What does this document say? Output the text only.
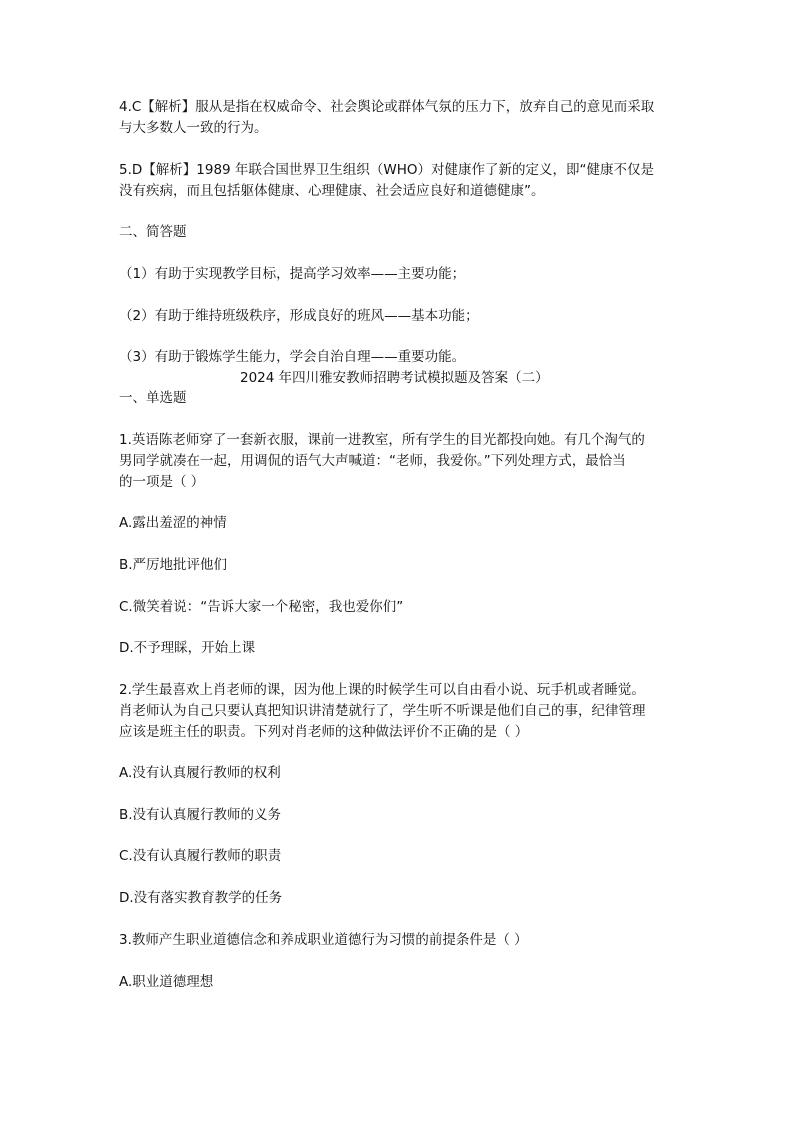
4.C【解析】服从是指在权威命令、社会舆论或群体气氛的压力下，放弃自己的意见而采取
与大多数人一致的行为。

5.D【解析】1989 年联合国世界卫生组织（WHO）对健康作了新的定义，即“健康不仅是
没有疾病，而且包括躯体健康、心理健康、社会适应良好和道德健康”。

二、简答题

（1）有助于实现教学目标，提高学习效率——主要功能；

（2）有助于维持班级秩序，形成良好的班风——基本功能；

（3）有助于锻炼学生能力，学会自治自理——重要功能。

2024 年四川雅安教师招聘考试模拟题及答案（二）

一、单选题

1.英语陈老师穿了一套新衣服，课前一进教室，所有学生的目光都投向她。有几个淘气的
男同学就凑在一起，用调侃的语气大声喊道：“老师，我爱你。”下列处理方式，最恰当
的一项是（ ）

A.露出羞涩的神情

B.严厉地批评他们

C.微笑着说：“告诉大家一个秘密，我也爱你们”

D.不予理睬，开始上课

2.学生最喜欢上肖老师的课，因为他上课的时候学生可以自由看小说、玩手机或者睡觉。
肖老师认为自己只要认真把知识讲清楚就行了，学生听不听课是他们自己的事，纪律管理
应该是班主任的职责。下列对肖老师的这种做法评价不正确的是（ ）

A.没有认真履行教师的权利

B.没有认真履行教师的义务

C.没有认真履行教师的职责

D.没有落实教育教学的任务

3.教师产生职业道德信念和养成职业道德行为习惯的前提条件是（ ）

A.职业道德理想
